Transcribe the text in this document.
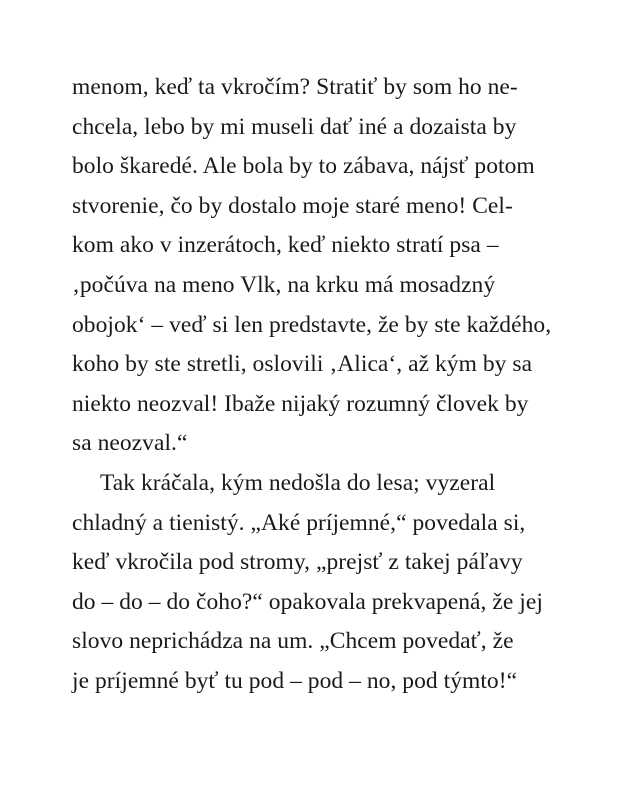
menom, keď ta vkročím? Stratiť by som ho ne-
chcela, lebo by mi museli dať iné a dozaista by
bolo škaredé. Ale bola by to zábava, nájsť potom
stvorenie, čo by dostalo moje staré meno! Cel-
kom ako v inzerátoch, keď niekto stratí psa –
‚počúva na meno Vlk, na krku má mosadzný
obojok‘ – veď si len predstavte, že by ste každého,
koho by ste stretli, oslovili ‚Alica‘, až kým by sa
niekto neozval! Ibaže nijaký rozumný človek by
sa neozval.“
Tak kráčala, kým nedošla do lesa; vyzeral
chladný a tienistý. „Aké príjemné,“ povedala si,
keď vkročila pod stromy, „prejsť z takej páľavy
do – do – do čoho?“ opakovala prekvapená, že jej
slovo neprichádza na um. „Chcem povedať, že
je príjemné byť tu pod – pod – no, pod týmto!“
